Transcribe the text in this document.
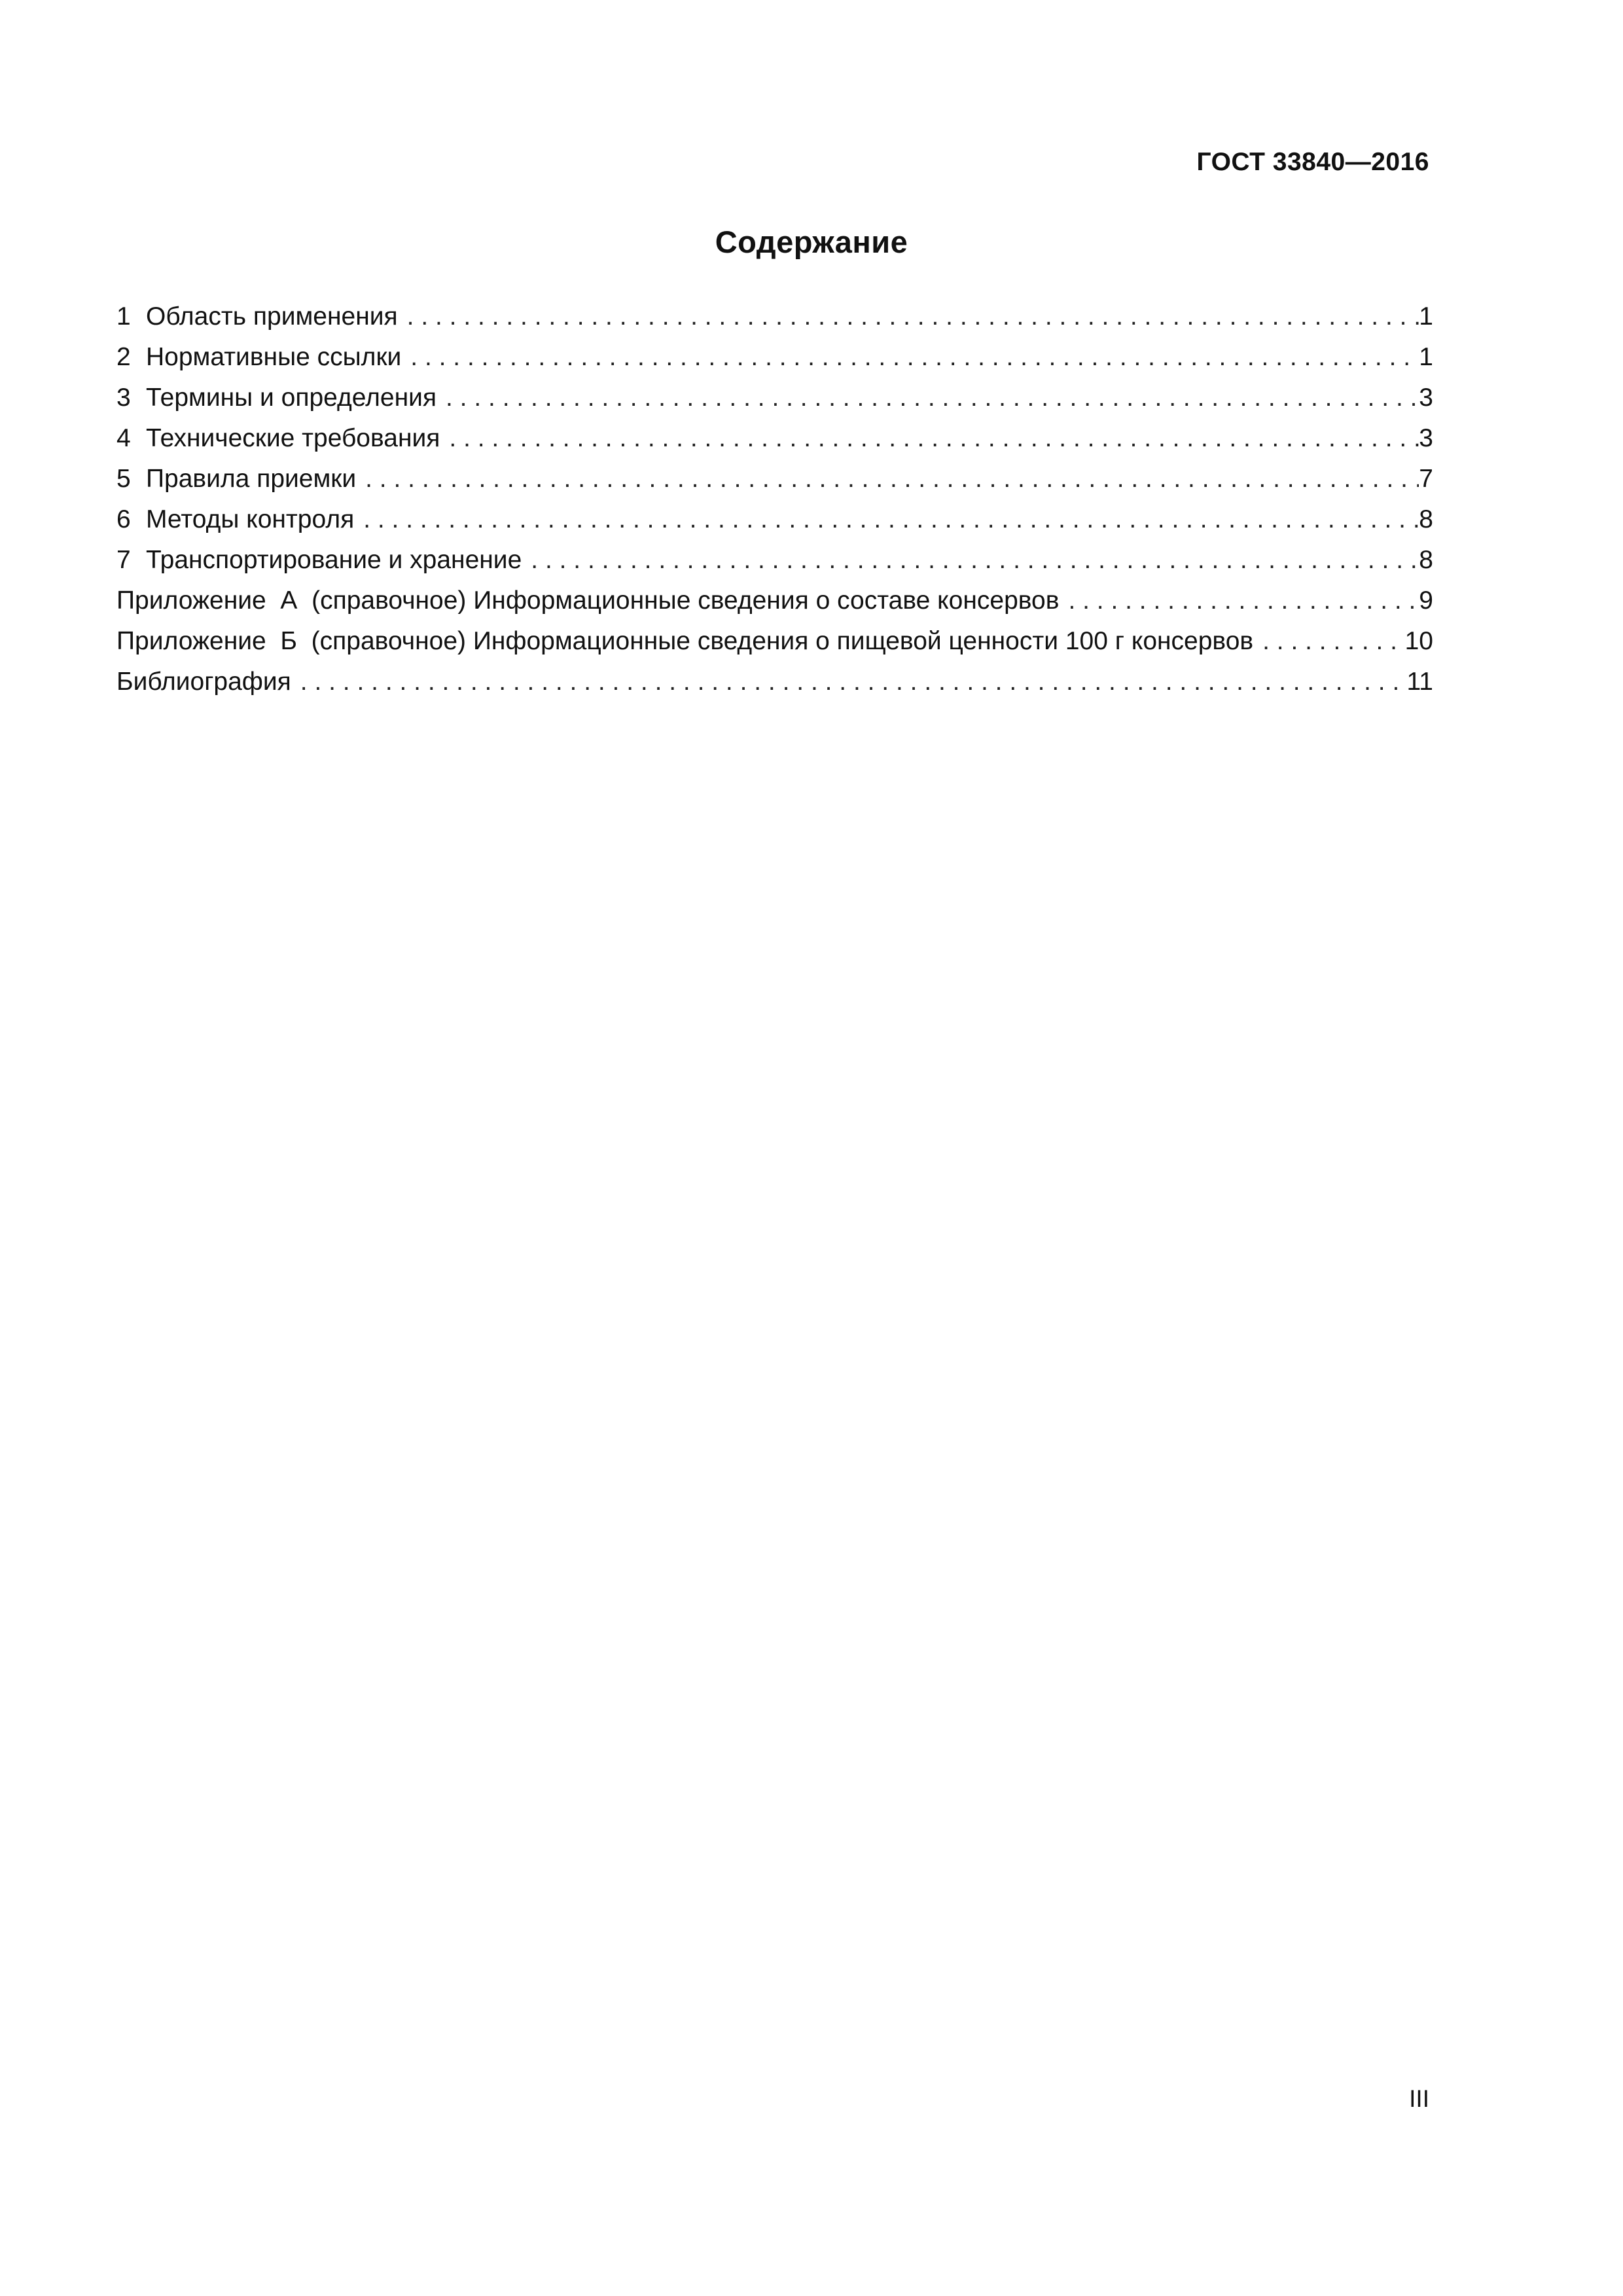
ГОСТ 33840—2016
Содержание
1 Область применения . . .	1
2 Нормативные ссылки . . .	1
3 Термины и определения . . .	3
4 Технические требования . . .	3
5 Правила приемки . . .	7
6 Методы контроля . . .	8
7 Транспортирование и хранение . . .	8
Приложение  А  (справочное) Информационные сведения о составе консервов . . .	9
Приложение  Б  (справочное) Информационные сведения о пищевой ценности 100 г консервов . . .	10
Библиография . . .	11
III
